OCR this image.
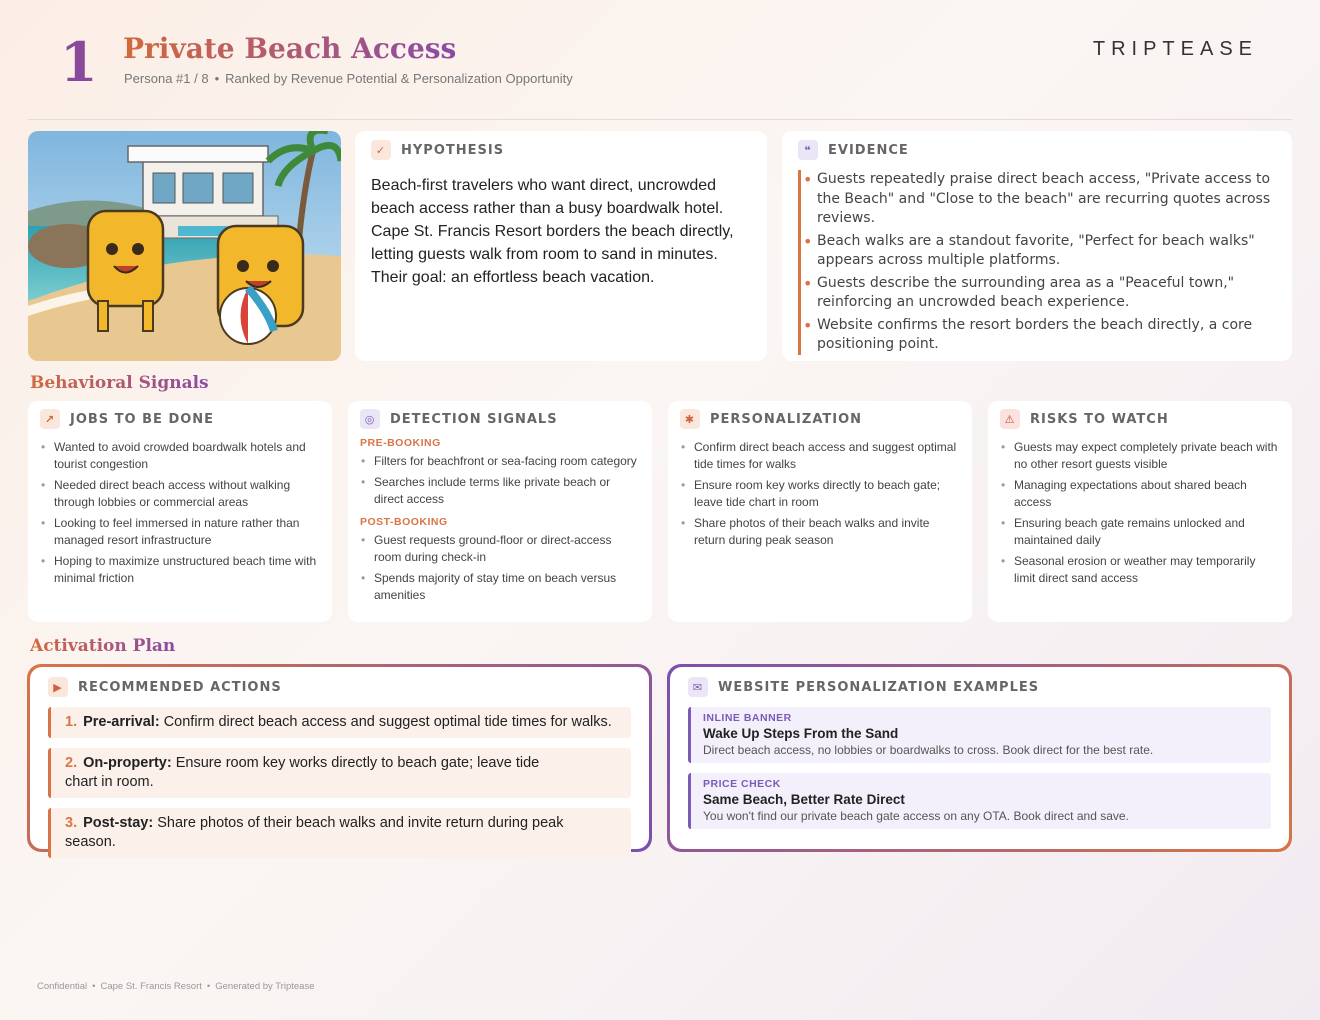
1 Private Beach Access
Persona #1 / 8 • Ranked by Revenue Potential & Personalization Opportunity
TRIPTEASE
✓	HYPOTHESIS
Beach-first travelers who want direct, uncrowded beach access rather than a busy boardwalk hotel. Cape St. Francis Resort borders the beach directly, letting guests walk from room to sand in minutes. Their goal: an effortless beach vacation.
❝	EVIDENCE
• Guests repeatedly praise direct beach access, "Private access to the Beach" and "Close to the beach" are recurring quotes across reviews.
• Beach walks are a standout favorite, "Perfect for beach walks" appears across multiple platforms.
• Guests describe the surrounding area as a "Peaceful town," reinforcing an uncrowded beach experience.
• Website confirms the resort borders the beach directly, a core positioning point.
Behavioral Signals
↗	JOBS TO BE DONE
• Wanted to avoid crowded boardwalk hotels and tourist congestion
• Needed direct beach access without walking through lobbies or commercial areas
• Looking to feel immersed in nature rather than managed resort infrastructure
• Hoping to maximize unstructured beach time with minimal friction
◎	DETECTION SIGNALS
PRE-BOOKING
• Filters for beachfront or sea-facing room category
• Searches include terms like private beach or direct access
POST-BOOKING
• Guest requests ground-floor or direct-access room during check-in
• Spends majority of stay time on beach versus amenities
✱	PERSONALIZATION
• Confirm direct beach access and suggest optimal tide times for walks
• Ensure room key works directly to beach gate; leave tide chart in room
• Share photos of their beach walks and invite return during peak season
⚠	RISKS TO WATCH
• Guests may expect completely private beach with no other resort guests visible
• Managing expectations about shared beach access
• Ensuring beach gate remains unlocked and maintained daily
• Seasonal erosion or weather may temporarily limit direct sand access
Activation Plan
▶	RECOMMENDED ACTIONS
1. Pre-arrival: Confirm direct beach access and suggest optimal tide times for walks.
2. On-property: Ensure room key works directly to beach gate; leave tide chart in room.
3. Post-stay: Share photos of their beach walks and invite return during peak season.
✉	WEBSITE PERSONALIZATION EXAMPLES
INLINE BANNER
Wake Up Steps From the Sand
Direct beach access, no lobbies or boardwalks to cross. Book direct for the best rate.
PRICE CHECK
Same Beach, Better Rate Direct
You won't find our private beach gate access on any OTA. Book direct and save.
Confidential • Cape St. Francis Resort • Generated by Triptease
